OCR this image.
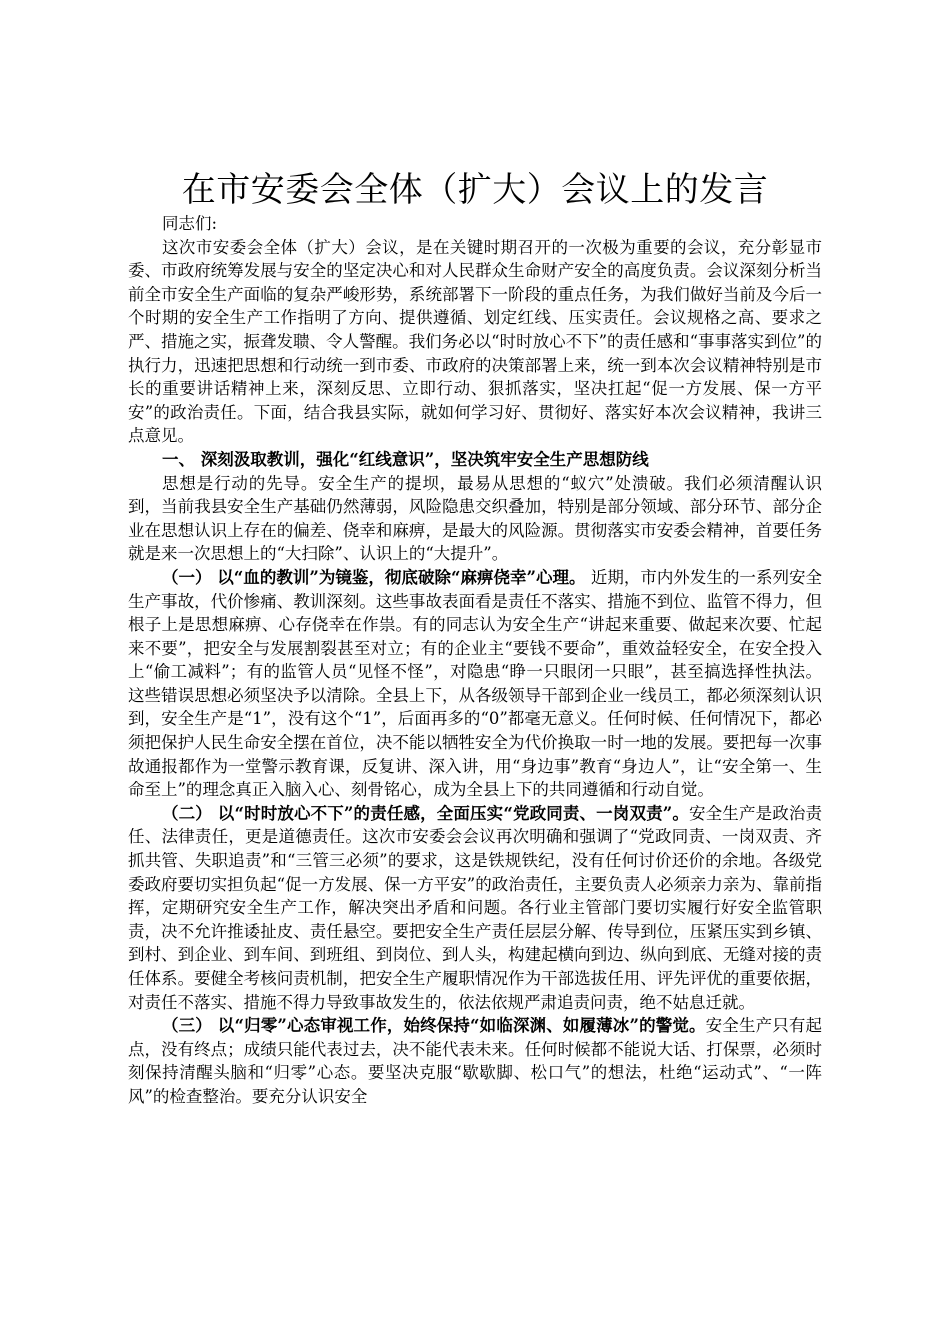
在市安委会全体（扩大）会议上的发言

同志们:

这次市安委会全体（扩大）会议，是在关键时期召开的一次极为重要的会议，充分彰显市委、市政府统筹发展与安全的坚定决心和对人民群众生命财产安全的高度负责。会议深刻分析当前全市安全生产面临的复杂严峻形势，系统部署下一阶段的重点任务，为我们做好当前及今后一个时期的安全生产工作指明了方向、提供遵循、划定红线、压实责任。会议规格之高、要求之严、措施之实，振聋发聩、令人警醒。我们务必以“时时放心不下”的责任感和“事事落实到位”的执行力，迅速把思想和行动统一到市委、市政府的决策部署上来，统一到本次会议精神特别是市长的重要讲话精神上来，深刻反思、立即行动、狠抓落实，坚决扛起“促一方发展、保一方平安”的政治责任。下面，结合我县实际，就如何学习好、贯彻好、落实好本次会议精神，我讲三点意见。

一、 深刻汲取教训，强化“红线意识”，坚决筑牢安全生产思想防线

思想是行动的先导。安全生产的提坝，最易从思想的“蚁穴”处溃破。我们必须清醒认识到，当前我县安全生产基础仍然薄弱，风险隐患交织叠加，特别是部分领域、部分环节、部分企业在思想认识上存在的偏差、侥幸和麻痹，是最大的风险源。贯彻落实市安委会精神，首要任务就是来一次思想上的“大扫除”、认识上的“大提升”。

（一） 以“血的教训”为镜鉴，彻底破除“麻痹侥幸”心理。 近期，市内外发生的一系列安全生产事故，代价惨痛、教训深刻。这些事故表面看是责任不落实、措施不到位、监管不得力，但根子上是思想麻痹、心存侥幸在作祟。有的同志认为安全生产“讲起来重要、做起来次要、忙起来不要”，把安全与发展割裂甚至对立；有的企业主“要钱不要命”，重效益轻安全，在安全投入上“偷工减料”；有的监管人员“见怪不怪”，对隐患“睁一只眼闭一只眼”，甚至搞选择性执法。这些错误思想必须坚决予以清除。全县上下，从各级领导干部到企业一线员工，都必须深刻认识到，安全生产是“1”，没有这个“1”，后面再多的“0”都毫无意义。任何时候、任何情况下，都必须把保护人民生命安全摆在首位，决不能以牺牲安全为代价换取一时一地的发展。要把每一次事故通报都作为一堂警示教育课，反复讲、深入讲，用“身边事”教育“身边人”，让“安全第一、生命至上”的理念真正入脑入心、刻骨铭心，成为全县上下的共同遵循和行动自觉。

（二） 以“时时放心不下”的责任感，全面压实“党政同责、一岗双责”。安全生产是政治责任、法律责任，更是道德责任。这次市安委会会议再次明确和强调了“党政同责、一岗双责、齐抓共管、失职追责”和“三管三必须”的要求，这是铁规铁纪，没有任何讨价还价的余地。各级党委政府要切实担负起“促一方发展、保一方平安”的政治责任，主要负责人必须亲力亲为、靠前指挥，定期研究安全生产工作，解决突出矛盾和问题。各行业主管部门要切实履行好安全监管职责，决不允许推诿扯皮、责任悬空。要把安全生产责任层层分解、传导到位，压紧压实到乡镇、到村、到企业、到车间、到班组、到岗位、到人头，构建起横向到边、纵向到底、无缝对接的责任体系。要健全考核问责机制，把安全生产履职情况作为干部选拔任用、评先评优的重要依据，对责任不落实、措施不得力导致事故发生的，依法依规严肃追责问责，绝不姑息迁就。

（三） 以“归零”心态审视工作，始终保持“如临深渊、如履薄冰”的警觉。安全生产只有起点，没有终点；成绩只能代表过去，决不能代表未来。任何时候都不能说大话、打保票，必须时刻保持清醒头脑和“归零”心态。要坚决克服“歇歇脚、松口气”的想法，杜绝“运动式”、“一阵风”的检查整治。要充分认识安全
